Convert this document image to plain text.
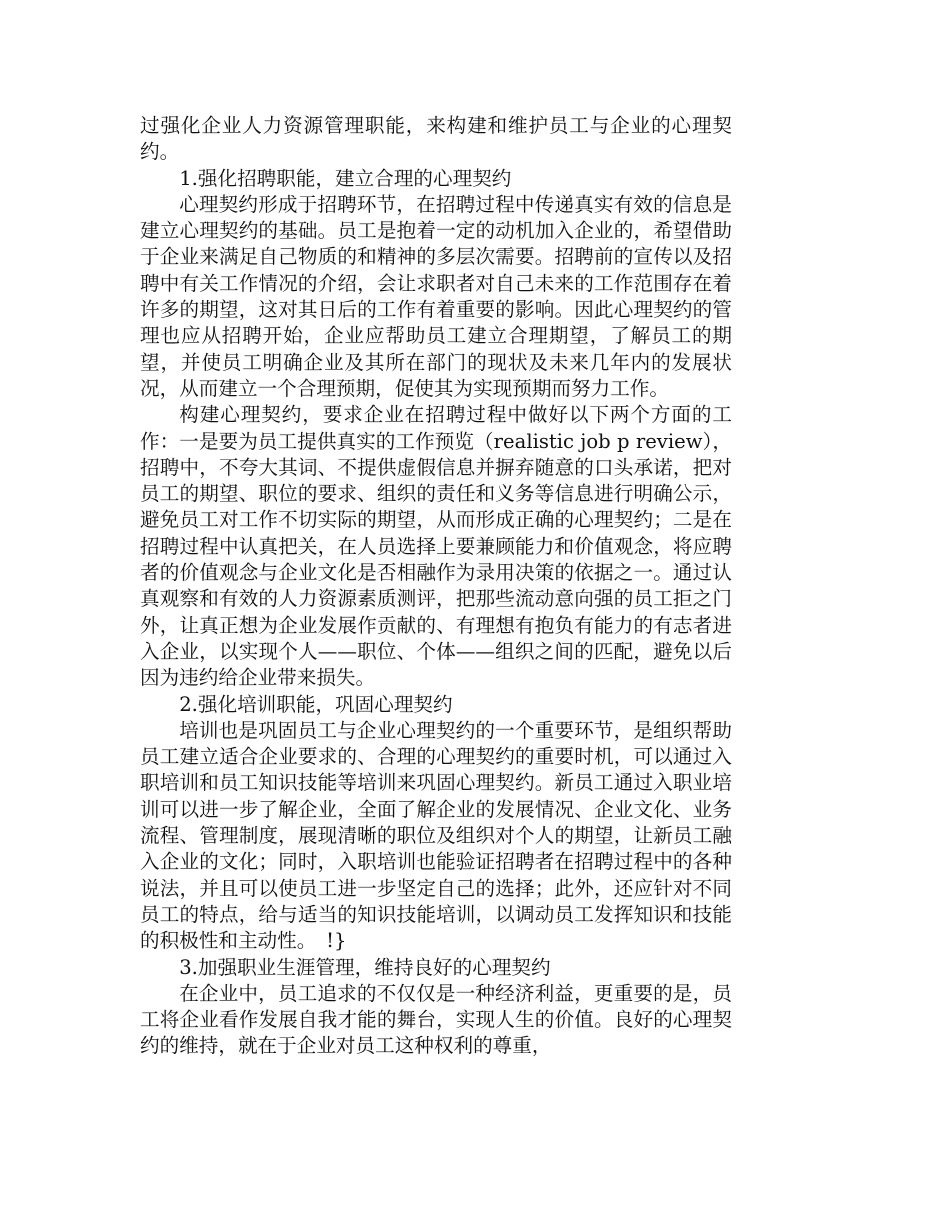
过强化企业人力资源管理职能，来构建和维护员工与企业的心理契约。

1.强化招聘职能，建立合理的心理契约

心理契约形成于招聘环节，在招聘过程中传递真实有效的信息是建立心理契约的基础。员工是抱着一定的动机加入企业的，希望借助于企业来满足自己物质的和精神的多层次需要。招聘前的宣传以及招聘中有关工作情况的介绍，会让求职者对自己未来的工作范围存在着许多的期望，这对其日后的工作有着重要的影响。因此心理契约的管理也应从招聘开始，企业应帮助员工建立合理期望，了解员工的期望，并使员工明确企业及其所在部门的现状及未来几年内的发展状况，从而建立一个合理预期，促使其为实现预期而努力工作。

构建心理契约，要求企业在招聘过程中做好以下两个方面的工作：一是要为员工提供真实的工作预览（realistic job p review），招聘中，不夸大其词、不提供虚假信息并摒弃随意的口头承诺，把对员工的期望、职位的要求、组织的责任和义务等信息进行明确公示，避免员工对工作不切实际的期望，从而形成正确的心理契约；二是在招聘过程中认真把关，在人员选择上要兼顾能力和价值观念，将应聘者的价值观念与企业文化是否相融作为录用决策的依据之一。通过认真观察和有效的人力资源素质测评，把那些流动意向强的员工拒之门外，让真正想为企业发展作贡献的、有理想有抱负有能力的有志者进入企业，以实现个人——职位、个体——组织之间的匹配，避免以后因为违约给企业带来损失。

2.强化培训职能，巩固心理契约

培训也是巩固员工与企业心理契约的一个重要环节，是组织帮助员工建立适合企业要求的、合理的心理契约的重要时机，可以通过入职培训和员工知识技能等培训来巩固心理契约。新员工通过入职业培训可以进一步了解企业，全面了解企业的发展情况、企业文化、业务流程、管理制度，展现清晰的职位及组织对个人的期望，让新员工融入企业的文化；同时，入职培训也能验证招聘者在招聘过程中的各种说法，并且可以使员工进一步坚定自己的选择；此外，还应针对不同员工的特点，给与适当的知识技能培训，以调动员工发挥知识和技能的积极性和主动性。　!}

3.加强职业生涯管理，维持良好的心理契约

在企业中，员工追求的不仅仅是一种经济利益，更重要的是，员工将企业看作发展自我才能的舞台，实现人生的价值。良好的心理契约的维持，就在于企业对员工这种权利的尊重，
